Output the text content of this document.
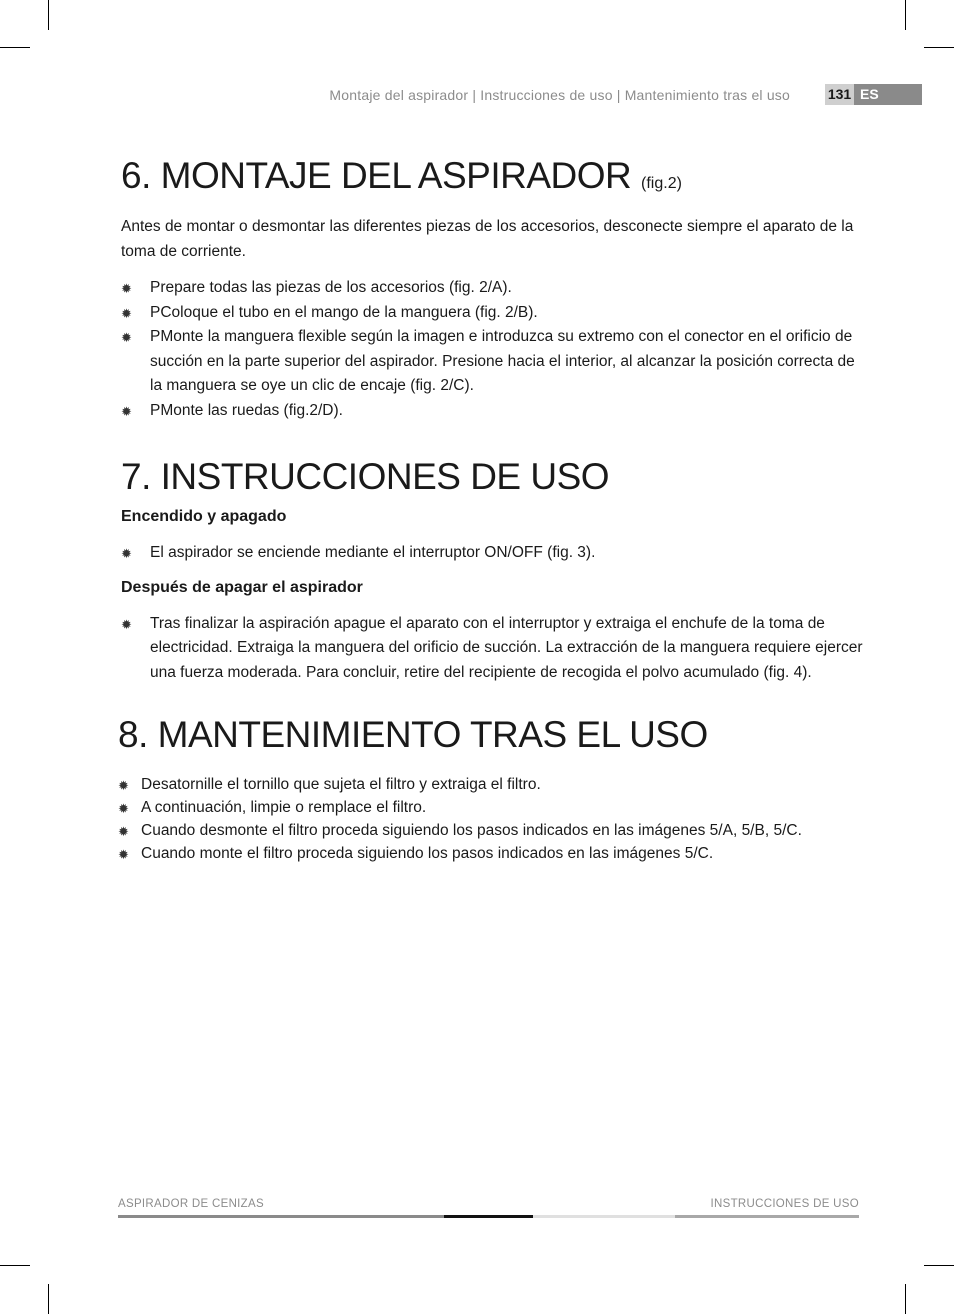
Montaje del aspirador | Instrucciones de uso | Mantenimiento tras el uso	131 ES
6. MONTAJE DEL ASPIRADOR (fig.2)

Antes de montar o desmontar las diferentes piezas de los accesorios, desconecte siempre el aparato de la toma de corriente.

✹ Prepare todas las piezas de los accesorios (fig. 2/A).
✹ PColoque el tubo en el mango de la manguera (fig. 2/B).
✹ PMonte la manguera flexible según la imagen e introduzca su extremo con el conector en el orificio de succión en la parte superior del aspirador. Presione hacia el interior, al alcanzar la posición correcta de la manguera se oye un clic de encaje (fig. 2/C).
✹ PMonte las ruedas (fig.2/D).
7. INSTRUCCIONES DE USO
Encendido y apagado
✹ El aspirador se enciende mediante el interruptor ON/OFF (fig. 3).
Después de apagar el aspirador
✹ Tras finalizar la aspiración apague el aparato con el interruptor y extraiga el enchufe de la toma de electricidad. Extraiga la manguera del orificio de succión. La extracción de la manguera requiere ejercer una fuerza moderada. Para concluir, retire del recipiente de recogida el polvo acumulado (fig. 4).
8. MANTENIMIENTO TRAS EL USO
✹ Desatornille el tornillo que sujeta el filtro y extraiga el filtro.
✹ A continuación, limpie o remplace el filtro.
✹ Cuando desmonte el filtro proceda siguiendo los pasos indicados en las imágenes 5/A, 5/B, 5/C.
✹ Cuando monte el filtro proceda siguiendo los pasos indicados en las imágenes 5/C.
ASPIRADOR DE CENIZAS	INSTRUCCIONES DE USO
